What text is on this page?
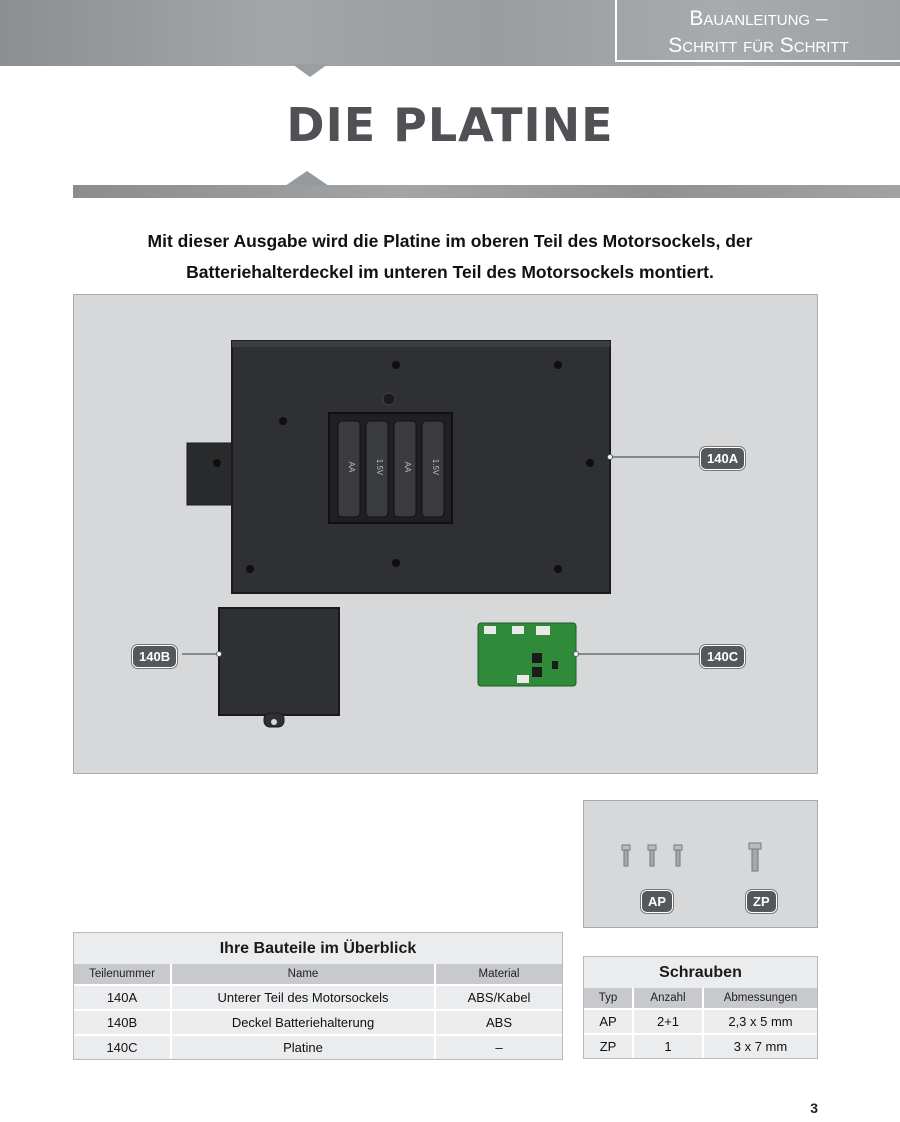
Bauanleitung –
Schritt für Schritt
DIE PLATINE
Mit dieser Ausgabe wird die Platine im oberen Teil des Motorsockels, der
Batteriehalterdeckel im unteren Teil des Motorsockels montiert.
AA 1.5V AA 1.5V
140A
140B	140C
AP	ZP
Ihre Bauteile im Überblick
Teilenummer	Name	Material
140A	Unterer Teil des Motorsockels	ABS/Kabel
140B	Deckel Batteriehalterung	ABS
140C	Platine	–
Schrauben
Typ	Anzahl	Abmessungen
AP	2+1	2,3 x 5 mm
ZP	1	3 x 7 mm
3
